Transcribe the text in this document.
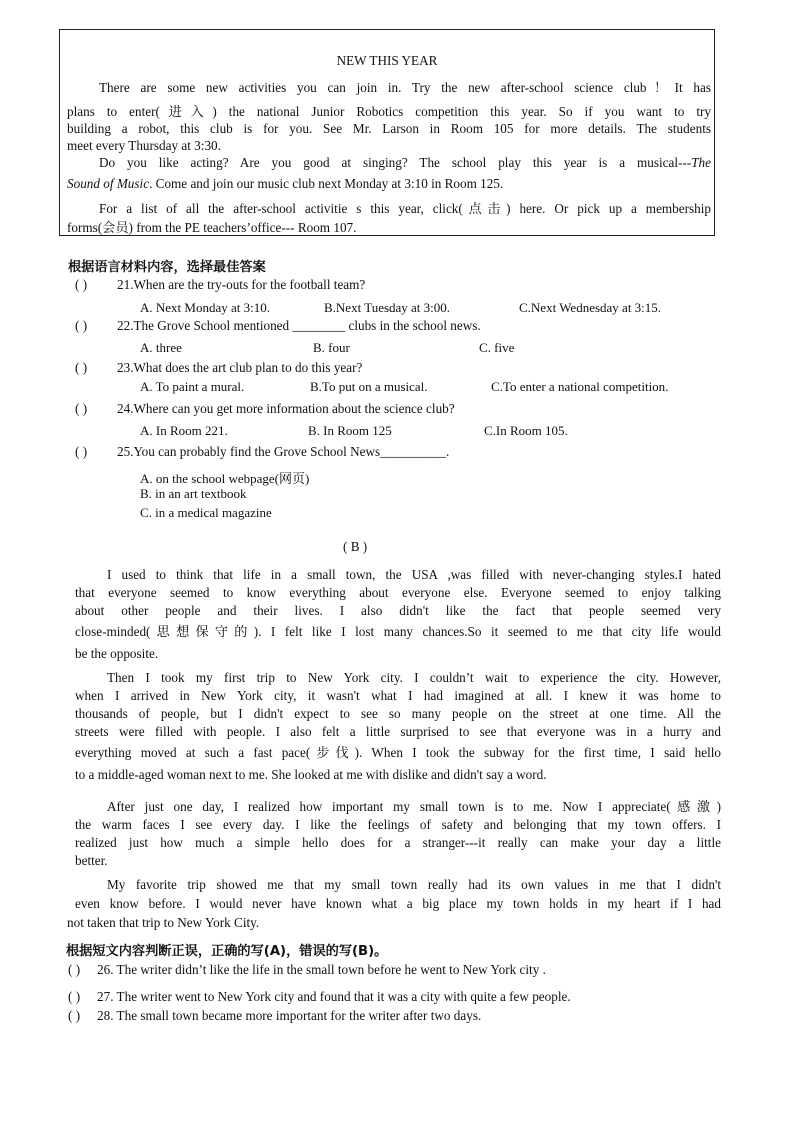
NEW THIS YEAR
There are some new activities you can join in. Try the new after-school science club！It has
plans to enter(进入) the national Junior Robotics competition this year. So if you want to try
building a robot, this club is for you. See Mr. Larson in Room 105 for more details. The students
meet every Thursday at 3:30.
Do you like acting? Are you good at singing? The school play this year is a musical---The
Sound of Music. Come and join our music club next Monday at 3:10 in Room 125.
For a list of all the after-school activitie s this year, click(点击) here. Or pick up a membership
forms(会员) from the PE teachers’office--- Room 107.
根据语言材料内容，选择最佳答案
( ) 21.When are the try-outs for the football team?
A. Next Monday at 3:10.	B.Next Tuesday at 3:00.	C.Next Wednesday at 3:15.
( ) 22.The Grove School mentioned ________ clubs in the school news.
A. three	B. four	C. five
( ) 23.What does the art club plan to do this year?
A. To paint a mural.	B.To put on a musical.	C.To enter a national competition.
( ) 24.Where can you get more information about the science club?
A. In Room 221.	B. In Room 125	C.In Room 105.
( ) 25.You can probably find the Grove School News__________.
A. on the school webpage(网页)
B. in an art textbook
C. in a medical magazine
( B )
I used to think that life in a small town, the USA ,was filled with never-changing styles.I hated
that everyone seemed to know everything about everyone else. Everyone seemed to enjoy talking
about other people and their lives. I also didn't like the fact that people seemed very
close-minded(思想保守的). I felt like I lost many chances.So it seemed to me that city life would
be the opposite.
Then I took my first trip to New York city. I couldn’t wait to experience the city. However,
when I arrived in New York city, it wasn't what I had imagined at all. I knew it was home to
thousands of people, but I didn't expect to see so many people on the street at one time. All the
streets were filled with people. I also felt a little surprised to see that everyone was in a hurry and
everything moved at such a fast pace(步伐). When I took the subway for the first time, I said hello
to a middle-aged woman next to me. She looked at me with dislike and didn't say a word.
After just one day, I realized how important my small town is to me. Now I appreciate(感激)
the warm faces I see every day. I like the feelings of safety and belonging that my town offers. I
realized just how much a simple hello does for a stranger---it really can make your day a little
better.
My favorite trip showed me that my small town really had its own values in me that I didn't
even know before. I would never have known what a big place my town holds in my heart if I had
not taken that trip to New York City.
根据短文内容判断正误，正确的写(A)，错误的写(B)。
( ) 26. The writer didn’t like the life in the small town before he went to New York city .
( ) 27. The writer went to New York city and found that it was a city with quite a few people.
( ) 28. The small town became more important for the writer after two days.
